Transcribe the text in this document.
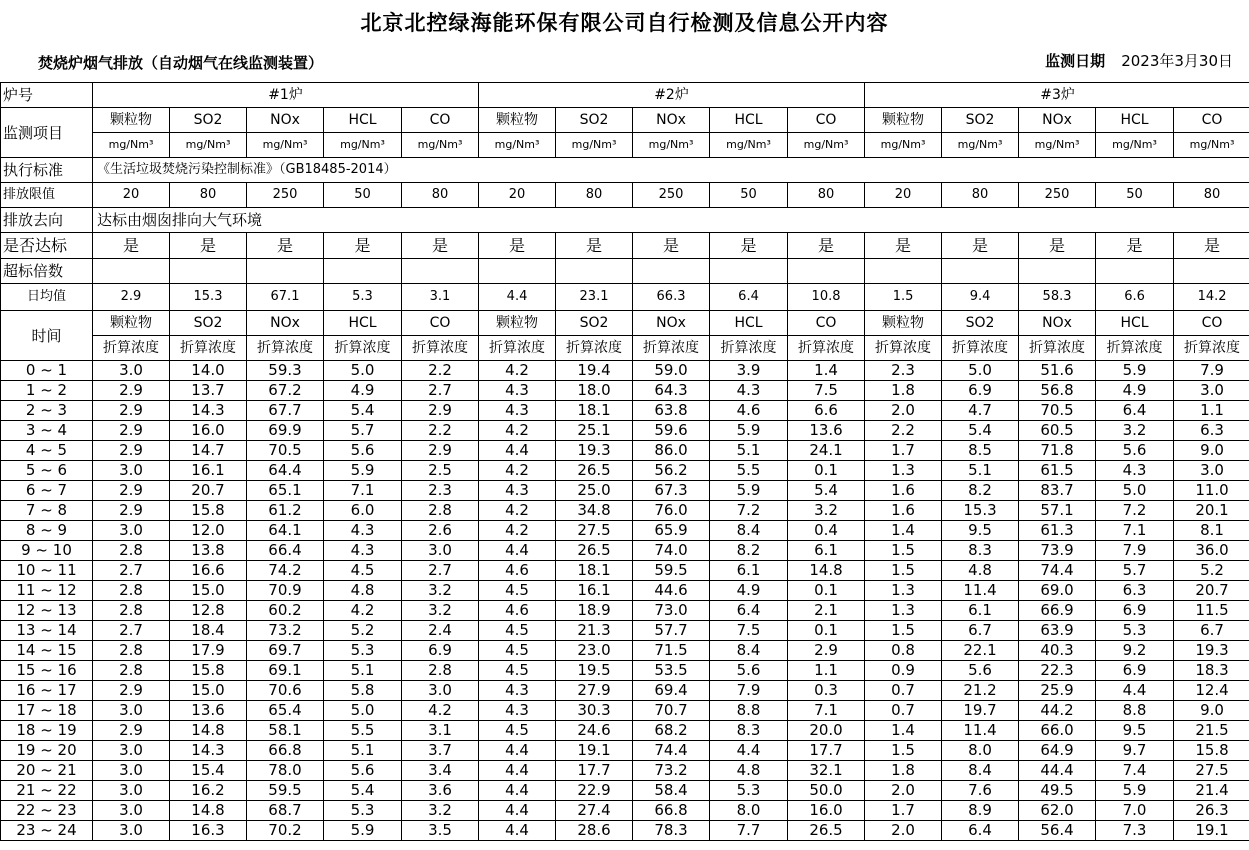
北京北控绿海能环保有限公司自行检测及信息公开内容
焚烧炉烟气排放（自动烟气在线监测装置）	监测日期 2023年3月30日
炉号	#1炉					#2炉					#3炉				
监测项目	颗粒物	SO2	NOx	HCL	CO	颗粒物	SO2	NOx	HCL	CO	颗粒物	SO2	NOx	HCL	CO
	mg/Nm³	mg/Nm³	mg/Nm³	mg/Nm³	mg/Nm³	mg/Nm³	mg/Nm³	mg/Nm³	mg/Nm³	mg/Nm³	mg/Nm³	mg/Nm³	mg/Nm³	mg/Nm³	mg/Nm³
执行标准	《生活垃圾焚烧污染控制标准》（GB18485-2014）														
排放限值	20	80	250	50	80	20	80	250	50	80	20	80	250	50	80
排放去向	达标由烟囱排向大气环境														
是否达标	是	是	是	是	是	是	是	是	是	是	是	是	是	是	是
超标倍数															
日均值	2.9	15.3	67.1	5.3	3.1	4.4	23.1	66.3	6.4	10.8	1.5	9.4	58.3	6.6	14.2
时间	颗粒物	SO2	NOx	HCL	CO	颗粒物	SO2	NOx	HCL	CO	颗粒物	SO2	NOx	HCL	CO
	折算浓度	折算浓度	折算浓度	折算浓度	折算浓度	折算浓度	折算浓度	折算浓度	折算浓度	折算浓度	折算浓度	折算浓度	折算浓度	折算浓度	折算浓度
0 ~ 1	3.0	14.0	59.3	5.0	2.2	4.2	19.4	59.0	3.9	1.4	2.3	5.0	51.6	5.9	7.9
1 ~ 2	2.9	13.7	67.2	4.9	2.7	4.3	18.0	64.3	4.3	7.5	1.8	6.9	56.8	4.9	3.0
2 ~ 3	2.9	14.3	67.7	5.4	2.9	4.3	18.1	63.8	4.6	6.6	2.0	4.7	70.5	6.4	1.1
3 ~ 4	2.9	16.0	69.9	5.7	2.2	4.2	25.1	59.6	5.9	13.6	2.2	5.4	60.5	3.2	6.3
4 ~ 5	2.9	14.7	70.5	5.6	2.9	4.4	19.3	86.0	5.1	24.1	1.7	8.5	71.8	5.6	9.0
5 ~ 6	3.0	16.1	64.4	5.9	2.5	4.2	26.5	56.2	5.5	0.1	1.3	5.1	61.5	4.3	3.0
6 ~ 7	2.9	20.7	65.1	7.1	2.3	4.3	25.0	67.3	5.9	5.4	1.6	8.2	83.7	5.0	11.0
7 ~ 8	2.9	15.8	61.2	6.0	2.8	4.2	34.8	76.0	7.2	3.2	1.6	15.3	57.1	7.2	20.1
8 ~ 9	3.0	12.0	64.1	4.3	2.6	4.2	27.5	65.9	8.4	0.4	1.4	9.5	61.3	7.1	8.1
9 ~ 10	2.8	13.8	66.4	4.3	3.0	4.4	26.5	74.0	8.2	6.1	1.5	8.3	73.9	7.9	36.0
10 ~ 11	2.7	16.6	74.2	4.5	2.7	4.6	18.1	59.5	6.1	14.8	1.5	4.8	74.4	5.7	5.2
11 ~ 12	2.8	15.0	70.9	4.8	3.2	4.5	16.1	44.6	4.9	0.1	1.3	11.4	69.0	6.3	20.7
12 ~ 13	2.8	12.8	60.2	4.2	3.2	4.6	18.9	73.0	6.4	2.1	1.3	6.1	66.9	6.9	11.5
13 ~ 14	2.7	18.4	73.2	5.2	2.4	4.5	21.3	57.7	7.5	0.1	1.5	6.7	63.9	5.3	6.7
14 ~ 15	2.8	17.9	69.7	5.3	6.9	4.5	23.0	71.5	8.4	2.9	0.8	22.1	40.3	9.2	19.3
15 ~ 16	2.8	15.8	69.1	5.1	2.8	4.5	19.5	53.5	5.6	1.1	0.9	5.6	22.3	6.9	18.3
16 ~ 17	2.9	15.0	70.6	5.8	3.0	4.3	27.9	69.4	7.9	0.3	0.7	21.2	25.9	4.4	12.4
17 ~ 18	3.0	13.6	65.4	5.0	4.2	4.3	30.3	70.7	8.8	7.1	0.7	19.7	44.2	8.8	9.0
18 ~ 19	2.9	14.8	58.1	5.5	3.1	4.5	24.6	68.2	8.3	20.0	1.4	11.4	66.0	9.5	21.5
19 ~ 20	3.0	14.3	66.8	5.1	3.7	4.4	19.1	74.4	4.4	17.7	1.5	8.0	64.9	9.7	15.8
20 ~ 21	3.0	15.4	78.0	5.6	3.4	4.4	17.7	73.2	4.8	32.1	1.8	8.4	44.4	7.4	27.5
21 ~ 22	3.0	16.2	59.5	5.4	3.6	4.4	22.9	58.4	5.3	50.0	2.0	7.6	49.5	5.9	21.4
22 ~ 23	3.0	14.8	68.7	5.3	3.2	4.4	27.4	66.8	8.0	16.0	1.7	8.9	62.0	7.0	26.3
23 ~ 24	3.0	16.3	70.2	5.9	3.5	4.4	28.6	78.3	7.7	26.5	2.0	6.4	56.4	7.3	19.1
